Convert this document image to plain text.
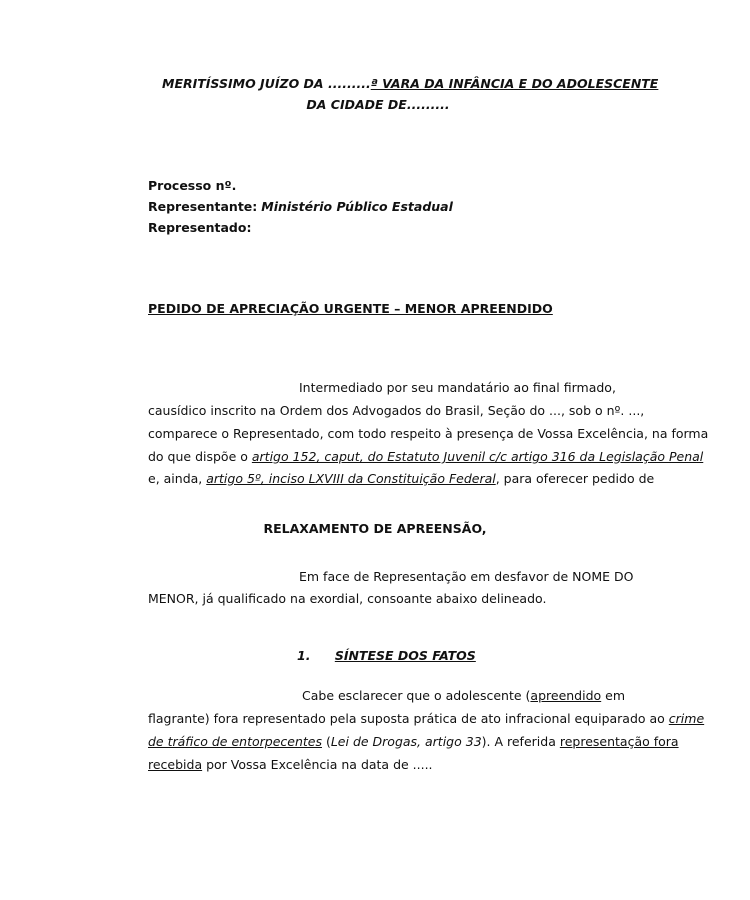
MERITÍSSIMO JUÍZO DA .........ª VARA DA INFÂNCIA E DO ADOLESCENTE
DA CIDADE DE.........
Processo nº.
Representante: Ministério Público Estadual
Representado:
PEDIDO DE APRECIAÇÃO URGENTE – MENOR APREENDIDO
Intermediado por seu mandatário ao final firmado,
causídico inscrito na Ordem dos Advogados do Brasil, Seção do ..., sob o nº. ...,
comparece o Representado, com todo respeito à presença de Vossa Excelência, na forma
do que dispõe o artigo 152, caput, do Estatuto Juvenil c/c artigo 316 da Legislação Penal
e, ainda, artigo 5º, inciso LXVIII da Constituição Federal, para oferecer pedido de
RELAXAMENTO DE APREENSÃO,
Em face de Representação em desfavor de NOME DO
MENOR, já qualificado na exordial, consoante abaixo delineado.
1. SÍNTESE DOS FATOS
Cabe esclarecer que o adolescente (apreendido em
flagrante) fora representado pela suposta prática de ato infracional equiparado ao crime
de tráfico de entorpecentes (Lei de Drogas, artigo 33). A referida representação fora
recebida por Vossa Excelência na data de .....
